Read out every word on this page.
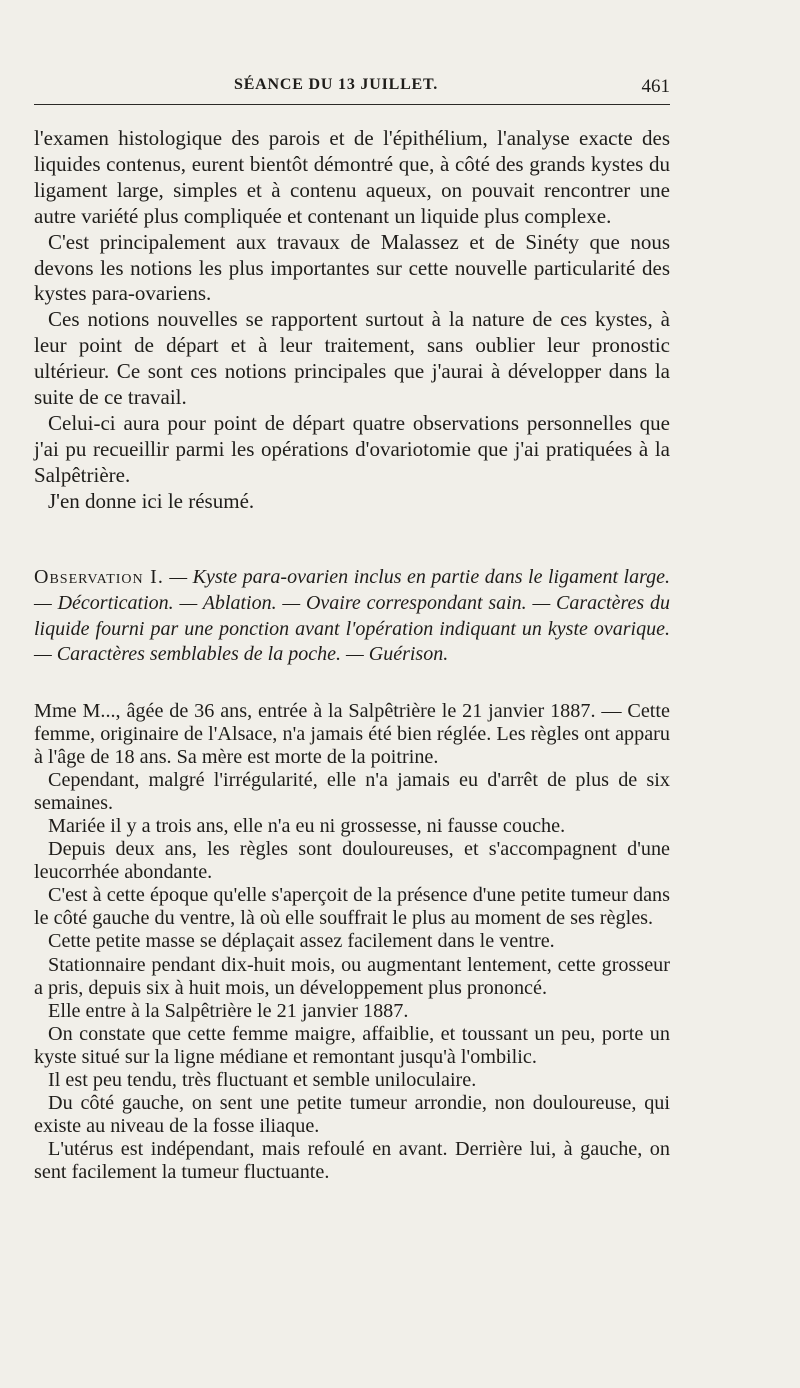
SÉANCE DU 13 JUILLET.	461

l'examen histologique des parois et de l'épithélium, l'analyse exacte des liquides contenus, eurent bientôt démontré que, à côté des grands kystes du ligament large, simples et à contenu aqueux, on pouvait rencontrer une autre variété plus compliquée et contenant un liquide plus complexe.

C'est principalement aux travaux de Malassez et de Sinéty que nous devons les notions les plus importantes sur cette nouvelle particularité des kystes para-ovariens.

Ces notions nouvelles se rapportent surtout à la nature de ces kystes, à leur point de départ et à leur traitement, sans oublier leur pronostic ultérieur. Ce sont ces notions principales que j'aurai à développer dans la suite de ce travail.

Celui-ci aura pour point de départ quatre observations personnelles que j'ai pu recueillir parmi les opérations d'ovariotomie que j'ai pratiquées à la Salpêtrière.

J'en donne ici le résumé.

Observation I. — Kyste para-ovarien inclus en partie dans le ligament large. — Décortication. — Ablation. — Ovaire correspondant sain. — Caractères du liquide fourni par une ponction avant l'opération indiquant un kyste ovarique. — Caractères semblables de la poche. — Guérison.

Mme M..., âgée de 36 ans, entrée à la Salpêtrière le 21 janvier 1887. — Cette femme, originaire de l'Alsace, n'a jamais été bien réglée. Les règles ont apparu à l'âge de 18 ans. Sa mère est morte de la poitrine.

Cependant, malgré l'irrégularité, elle n'a jamais eu d'arrêt de plus de six semaines.

Mariée il y a trois ans, elle n'a eu ni grossesse, ni fausse couche.

Depuis deux ans, les règles sont douloureuses, et s'accompagnent d'une leucorrhée abondante.

C'est à cette époque qu'elle s'aperçoit de la présence d'une petite tumeur dans le côté gauche du ventre, là où elle souffrait le plus au moment de ses règles.

Cette petite masse se déplaçait assez facilement dans le ventre.

Stationnaire pendant dix-huit mois, ou augmentant lentement, cette grosseur a pris, depuis six à huit mois, un développement plus prononcé.

Elle entre à la Salpêtrière le 21 janvier 1887.

On constate que cette femme maigre, affaiblie, et toussant un peu, porte un kyste situé sur la ligne médiane et remontant jusqu'à l'ombilic.

Il est peu tendu, très fluctuant et semble uniloculaire.

Du côté gauche, on sent une petite tumeur arrondie, non douloureuse, qui existe au niveau de la fosse iliaque.

L'utérus est indépendant, mais refoulé en avant. Derrière lui, à gauche, on sent facilement la tumeur fluctuante.
